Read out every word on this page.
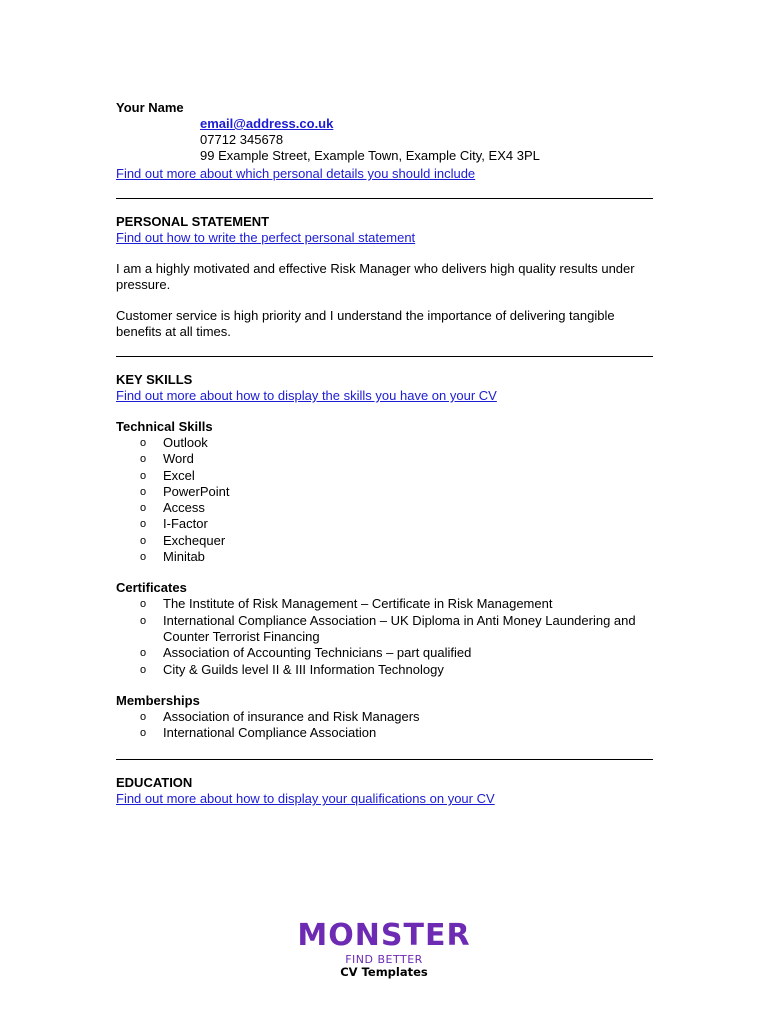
Your Name

email@address.co.uk

07712 345678

99 Example Street, Example Town, Example City, EX4 3PL

Find out more about which personal details you should include

PERSONAL STATEMENT

Find out how to write the perfect personal statement

I am a highly motivated and effective Risk Manager who delivers high quality results under pressure.

Customer service is high priority and I understand the importance of delivering tangible benefits at all times.

KEY SKILLS

Find out more about how to display the skills you have on your CV

Technical Skills

o Outlook
o Word
o Excel
o PowerPoint
o Access
o I-Factor
o Exchequer
o Minitab

Certificates

o The Institute of Risk Management – Certificate in Risk Management
o International Compliance Association – UK Diploma in Anti Money Laundering and Counter Terrorist Financing
o Association of Accounting Technicians – part qualified
o City & Guilds level II & III Information Technology

Memberships

o Association of insurance and Risk Managers
o International Compliance Association

EDUCATION

Find out more about how to display your qualifications on your CV

MONSTER
FIND BETTER
CV Templates
